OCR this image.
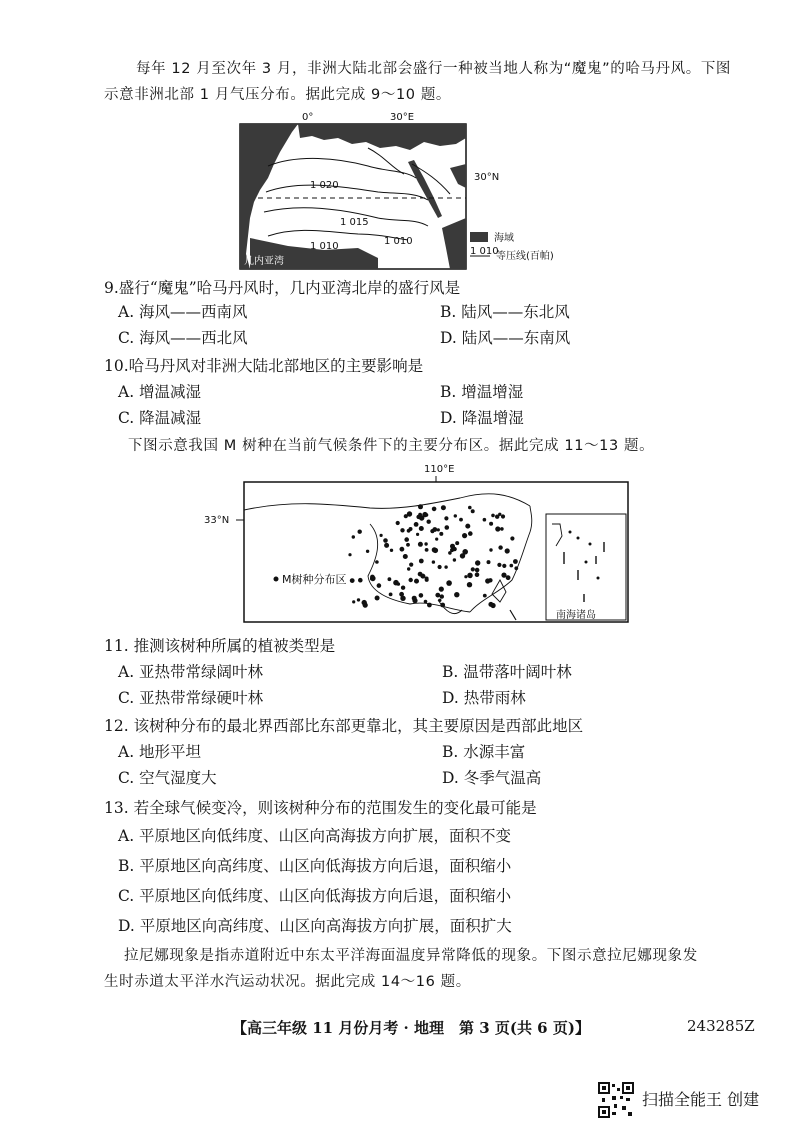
每年 12 月至次年 3 月，非洲大陆北部会盛行一种被当地人称为“魔鬼”的哈马丹风。下图
示意非洲北部 1 月气压分布。据此完成 9～10 题。
0°	30°E
1 020
1 015
1 010	1 010
30°N
几内亚湾
海域
1 010
等压线(百帕)
9.盛行“魔鬼”哈马丹风时，几内亚湾北岸的盛行风是
A. 海风——西南风	B. 陆风——东北风
C. 海风——西北风	D. 陆风——东南风
10.哈马丹风对非洲大陆北部地区的主要影响是
A. 增温减湿	B. 增温增湿
C. 降温减湿	D. 降温增湿
下图示意我国 M 树种在当前气候条件下的主要分布区。据此完成 11～13 题。
110°E
33°N
南海诸岛
M树种分布区
11. 推测该树种所属的植被类型是
A. 亚热带常绿阔叶林	B. 温带落叶阔叶林
C. 亚热带常绿硬叶林	D. 热带雨林
12. 该树种分布的最北界西部比东部更靠北，其主要原因是西部此地区
A. 地形平坦	B. 水源丰富
C. 空气湿度大	D. 冬季气温高
13. 若全球气候变冷，则该树种分布的范围发生的变化最可能是
A. 平原地区向低纬度、山区向高海拔方向扩展，面积不变
B. 平原地区向高纬度、山区向低海拔方向后退，面积缩小
C. 平原地区向低纬度、山区向低海拔方向后退，面积缩小
D. 平原地区向高纬度、山区向高海拔方向扩展，面积扩大
拉尼娜现象是指赤道附近中东太平洋海面温度异常降低的现象。下图示意拉尼娜现象发
生时赤道太平洋水汽运动状况。据此完成 14～16 题。
【高三年级 11 月份月考 · 地理　第 3 页(共 6 页)】	243285Z
扫描全能王 创建
